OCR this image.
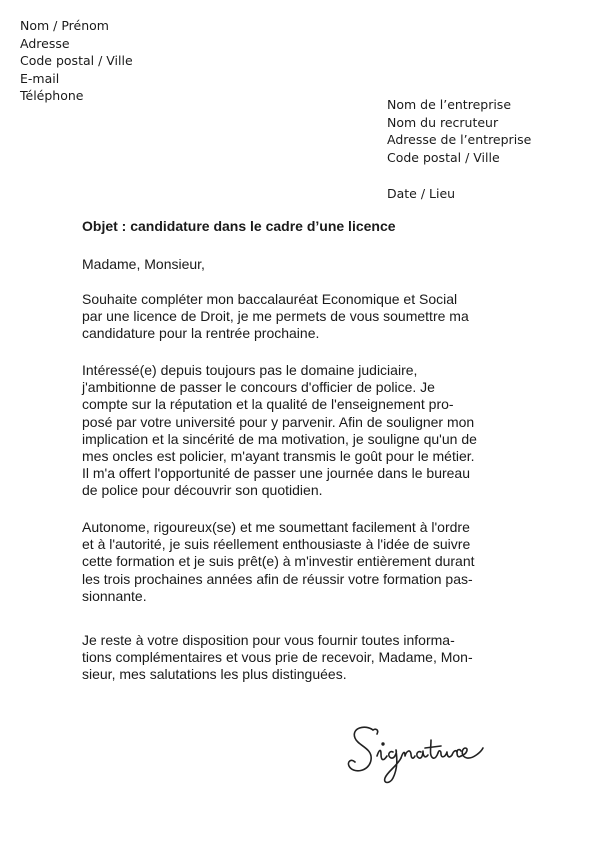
Nom / Prénom
Adresse
Code postal / Ville
E-mail
Téléphone
Nom de l’entreprise
Nom du recruteur
Adresse de l’entreprise
Code postal / Ville
Date / Lieu
Objet : candidature dans le cadre d’une licence
Madame, Monsieur,
Souhaite compléter mon baccalauréat Economique et Social
par une licence de Droit, je me permets de vous soumettre ma
candidature pour la rentrée prochaine.
Intéressé(e) depuis toujours pas le domaine judiciaire,
j'ambitionne de passer le concours d'officier de police. Je
compte sur la réputation et la qualité de l'enseignement pro-
posé par votre université pour y parvenir. Afin de souligner mon
implication et la sincérité de ma motivation, je souligne qu'un de
mes oncles est policier, m'ayant transmis le goût pour le métier.
Il m'a offert l'opportunité de passer une journée dans le bureau
de police pour découvrir son quotidien.
Autonome, rigoureux(se) et me soumettant facilement à l'ordre
et à l'autorité, je suis réellement enthousiaste à l'idée de suivre
cette formation et je suis prêt(e) à m'investir entièrement durant
les trois prochaines années afin de réussir votre formation pas-
sionnante.
Je reste à votre disposition pour vous fournir toutes informa-
tions complémentaires et vous prie de recevoir, Madame, Mon-
sieur, mes salutations les plus distinguées.
